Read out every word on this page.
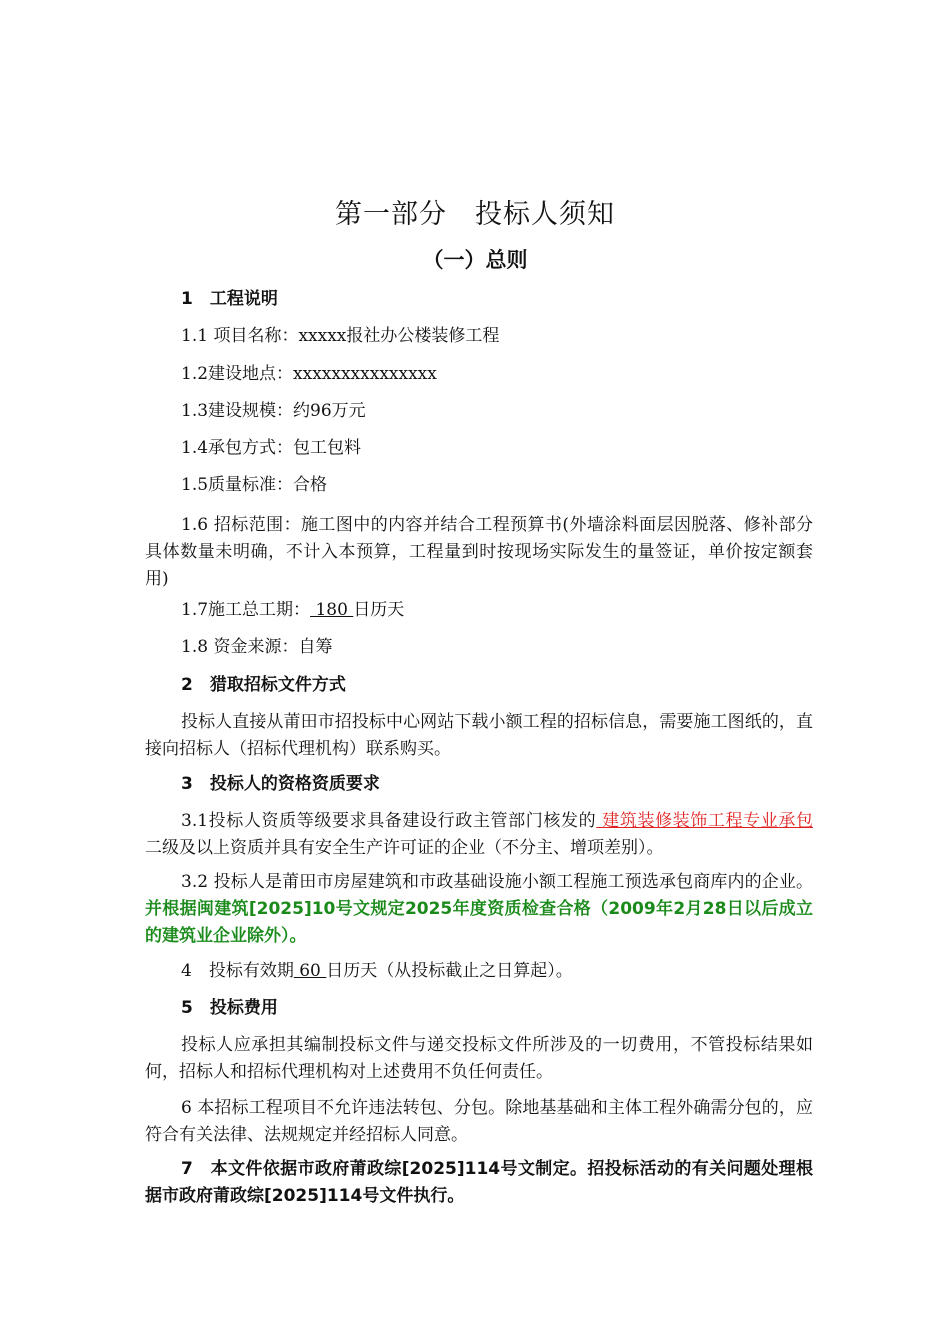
第一部分　投标人须知
（一）总则
1　工程说明
1.1 项目名称：xxxxx报社办公楼装修工程
1.2建设地点：xxxxxxxxxxxxxxx
1.3建设规模：约96万元
1.4承包方式：包工包料
1.5质量标准：合格
1.6 招标范围：施工图中的内容并结合工程预算书(外墙涂料面层因脱落、修补部分具体数量未明确，不计入本预算，工程量到时按现场实际发生的量签证，单价按定额套用)
1.7施工总工期： 180 日历天
1.8 资金来源：自筹
2　猎取招标文件方式
投标人直接从莆田市招投标中心网站下载小额工程的招标信息，需要施工图纸的，直接向招标人（招标代理机构）联系购买。
3　投标人的资格资质要求
3.1投标人资质等级要求具备建设行政主管部门核发的 建筑装修装饰工程专业承包 二级及以上资质并具有安全生产许可证的企业（不分主、增项差别）。
3.2 投标人是莆田市房屋建筑和市政基础设施小额工程施工预选承包商库内的企业。并根据闽建筑[2025]10号文规定2025年度资质检查合格（2009年2月28日以后成立的建筑业企业除外）。
4　投标有效期 60 日历天（从投标截止之日算起）。
5　投标费用
投标人应承担其编制投标文件与递交投标文件所涉及的一切费用，不管投标结果如何，招标人和招标代理机构对上述费用不负任何责任。
6 本招标工程项目不允许违法转包、分包。除地基基础和主体工程外确需分包的，应符合有关法律、法规规定并经招标人同意。
7　本文件依据市政府莆政综[2025]114号文制定。招投标活动的有关问题处理根据市政府莆政综[2025]114号文件执行。
